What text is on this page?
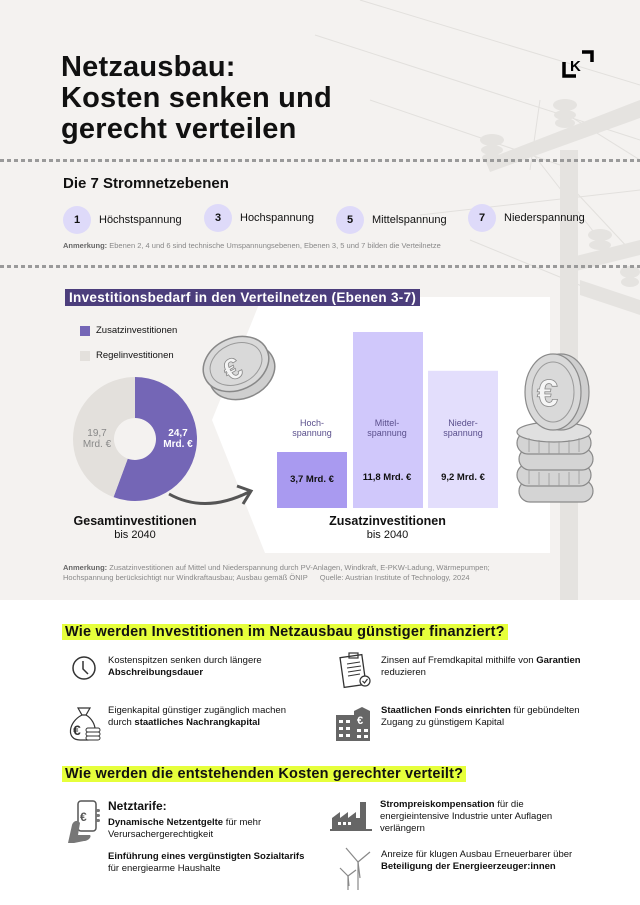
Netzausbau:
Kosten senken und
gerecht verteilen
K
Die 7 Stromnetzebenen
1	Höchstspannung	3	Hochspannung	5	Mittelspannung	7	Niederspannung
Anmerkung: Ebenen 2, 4 und 6 sind technische Umspannungsebenen, Ebenen 3, 5 und 7 bilden die Verteilnetze
Investitionsbedarf in den Verteilnetzen (Ebenen 3-7)
Zusatzinvestitionen
Regelinvestitionen
19,7
Mrd. €
24,7
Mrd. €
Gesamtinvestitionen
bis 2040
€
Hoch-
spannung
Mittel-
spannung
Nieder-
spannung
3,7 Mrd. €	11,8 Mrd. €	9,2 Mrd. €
Zusatzinvestitionen
bis 2040
€
Anmerkung: Zusatzinvestitionen auf Mittel und Niederspannung durch PV-Anlagen, Windkraft, E-PKW-Ladung, Wärmepumpen;
Hochspannung berücksichtigt nur Windkraftausbau; Ausbau gemäß ÖNIP Quelle: Austrian Institute of Technology, 2024
Wie werden Investitionen im Netzausbau günstiger finanziert?
Kostenspitzen senken durch längere Abschreibungsdauer
Zinsen auf Fremdkapital mithilfe von Garantien reduzieren
€
Eigenkapital günstiger zugänglich machen durch staatliches Nachrangkapital	€
Staatlichen Fonds einrichten für gebündelten Zugang zu günstigem Kapital
Wie werden die entstehenden Kosten gerechter verteilt?
€
Netztarife:
Dynamische Netzentgelte für mehr Verursachergerechtigkeit
Einführung eines vergünstigten Sozialtarifs für energiearme Haushalte
Strompreiskompensation für die energieintensive Industrie unter Auflagen verlängern
Anreize für klugen Ausbau Erneuerbarer über Beteiligung der Energieerzeuger:innen
